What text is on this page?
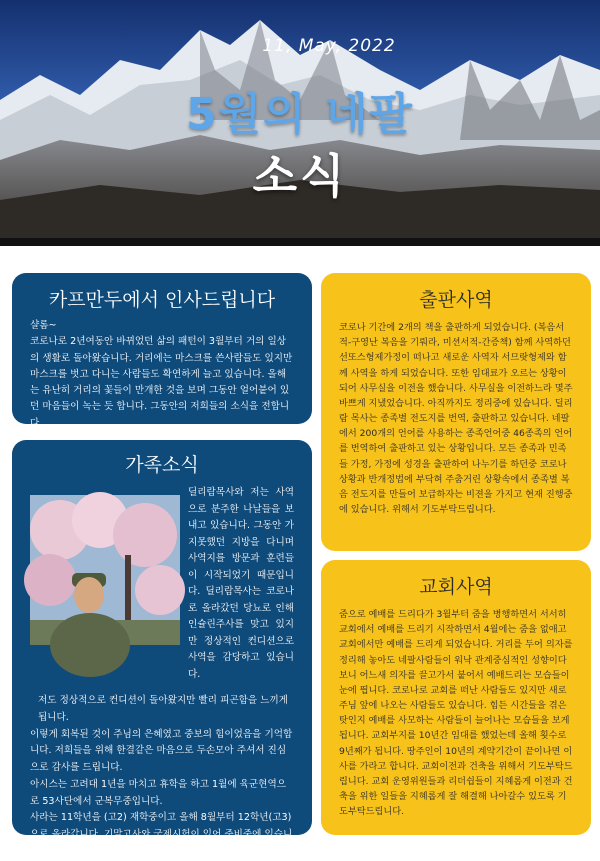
11, May, 2022
5월의 네팔
소식
카프만두에서 인사드립니다

샬롬~

코로나로 2년여동안 바뀌었던 삶의 패턴이 3월부터 거의 일상의 생활로 돌아왔습니다. 거리에는 마스크를 쓴사람들도 있지만 마스크를 벗고 다니는 사람들도 확연하게 늘고 있습니다. 올해는 유난히 거리의 꽃들이 만개한 것을 보며 그동안 얼어붙어 있던 마음들이 녹는 듯 합니다. 그동안의 저희들의 소식을 전합니다.

가족소식
딜리람목사와 저는 사역으로 분주한 나날들을 보내고 있습니다. 그동안 가지못했던 지방을 다니며 사역지를 방문과 훈련들이 시작되었기 때문입니다. 딜리람목사는 코로나로 올라갔던 당뇨로 인해 인슐린주사를 맞고 있지만 정상적인 컨디션으로 사역을 감당하고 있습니다.

저도 정상적으로 컨디션이 돌아왔지만 빨리 피곤함을 느끼게 됩니다.

이렇게 회복된 것이 주님의 은혜였고 중보의 힘이었음을 기억합니다. 저희들을 위해 한결같은 마음으로 두손모아 주셔서 진심으로 감사를 드립니다.

아시스는 고려대 1년을 마치고 휴학을 하고 1월에 육군현역으로 53사단에서 군복무중입니다.

사라는 11학년을 (고2) 재학중이고 올해 8월부터 12학년(고3)으로 올라갑니다. 기말고사와 국제시험이 있어 준비중에 있습니다.

출판사역

코로나 기간에 2개의 책을 출판하게 되었습니다. (복음서적-구영난 복음을 기뤄라, 미션서적-간증책) 함께 사역하던 선또스형제가정이 떠나고 새로운 사역자 서므랏형제와 함께 사역을 하게 되었습니다. 또한 임대료가 오르는 상황이 되어 사무실을 이전을 했습니다. 사무실을 이전하느라 몇주 바쁘게 지냈었습니다. 아직까지도 정리중에 있습니다. 딜리람 목사는 종족별 전도지를 번역, 출판하고 있습니다. 네팔에서 200개의 언어를 사용하는 종족언어중 46종족의 언어를 번역하여 출판하고 있는 상황입니다. 모든 종족과 민족들 가정, 가정에 성경을 출판하여 나누기를 하던중 코로나상황과 반개정법에 부닥혀 주춤거린 상황속에서 종족별 복음 전도지를 만들어 보급하자는 비젼을 가지고 현재 진행중에 있습니다. 위해서 기도부탁드립니다.

교회사역

줌으로 예배를 드리다가 3월부터 줌을 병행하면서 서서히 교회에서 예배를 드리기 시작하면서 4월에는 줌을 없애고 교회에서만 예배를 드리게 되었습니다. 거리를 두어 의자를 정리해 놓아도 네팔사람들이 워낙 관계중심적인 성향이다보니 어느새 의자를 끌고가서 붙어서 예배드리는 모습들이 눈에 띕니다. 코로나로 교회를 떠난 사람들도 있지만 새로 주님 앞에 나오는 사람들도 있습니다. 힘든 시간들을 겪은 탓인지 예배를 사모하는 사람들이 늘어나는 모습들을 보게됩니다. 교회부지를 10년간 임대를 했었는데 올해 횟수로 9년째가 됩니다. 땅주인이 10년의 계약기간이 끝이나면 이사를 가라고 합니다. 교회이전과 건축을 위해서 기도부탁드립니다. 교회 운영위원들과 리더쉽들이 지혜롭게 이전과 건축을 위한 일들을 지혜롭게 잘 해결해 나아갈수 있도록 기도부탁드립니다.
